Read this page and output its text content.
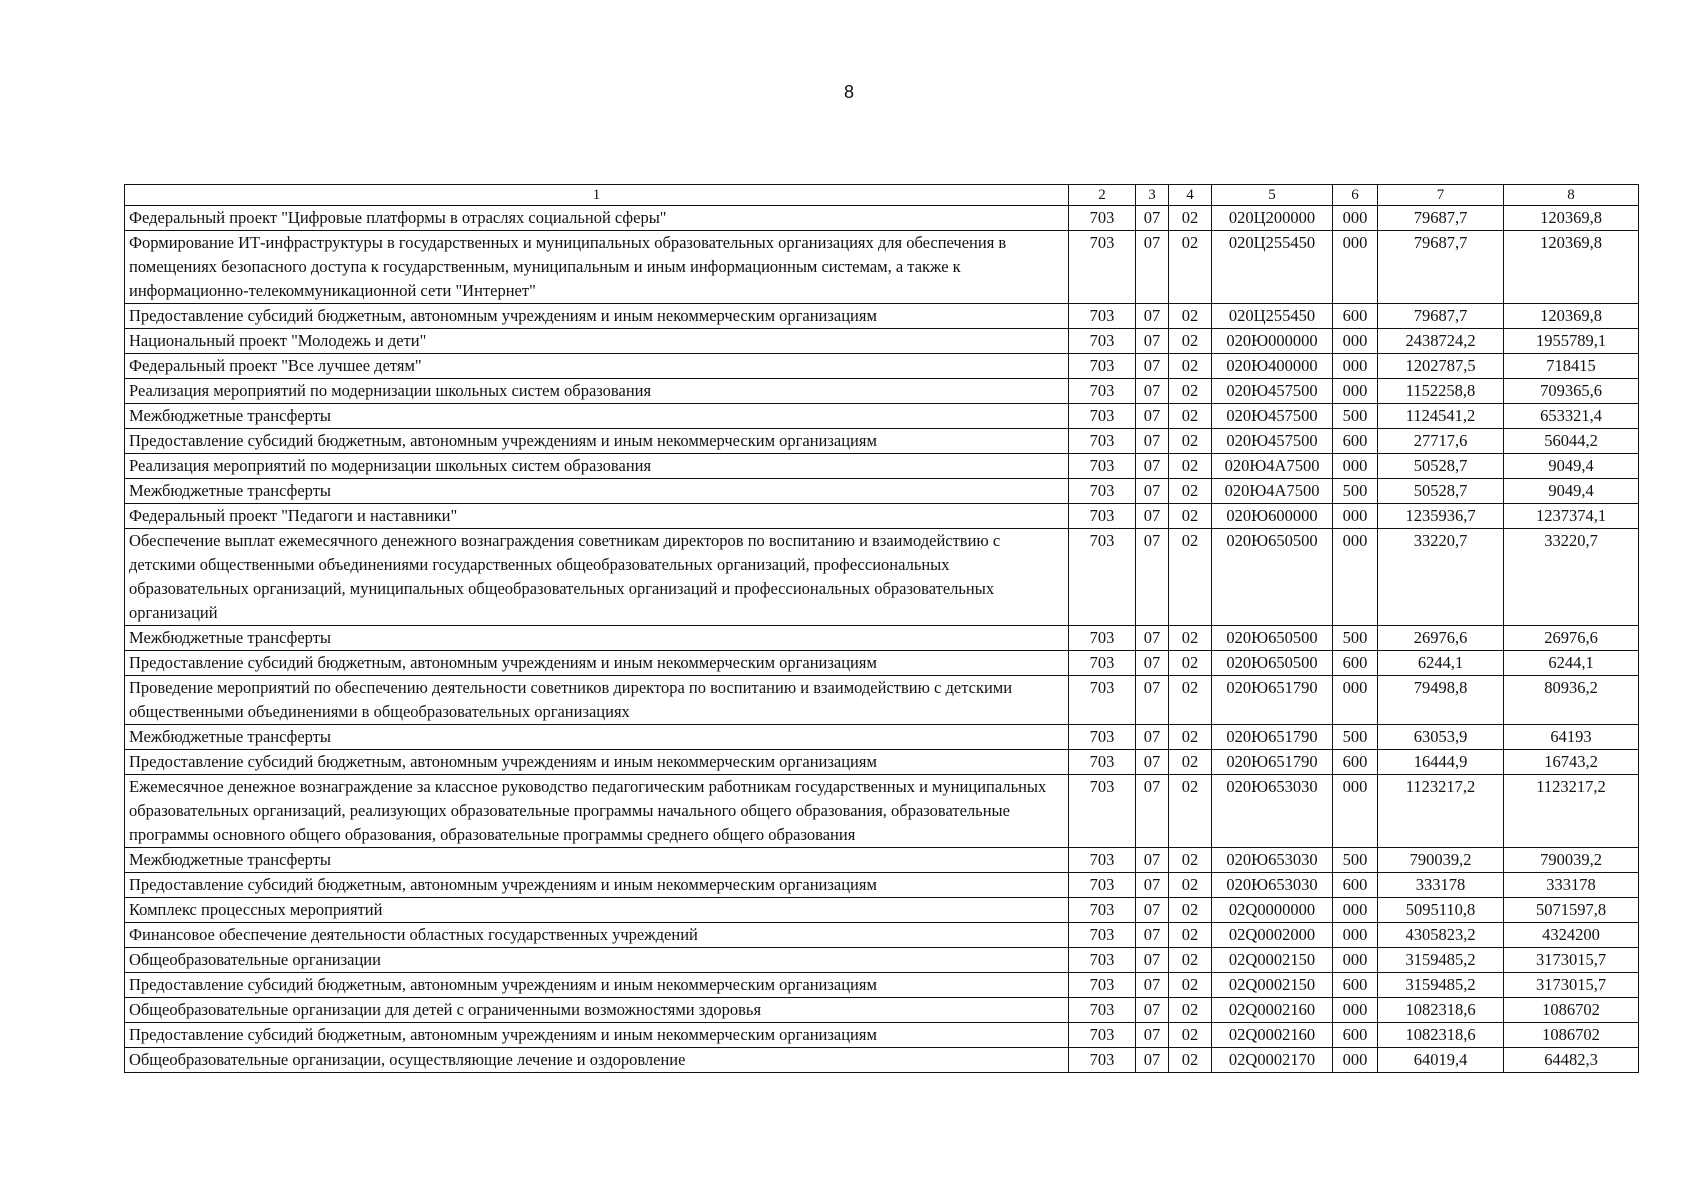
8
1	2	3	4	5	6	7	8
Федеральный проект "Цифровые платформы в отраслях социальной сферы"	703	07	02	020Ц200000	000	79687,7	120369,8
Формирование ИТ-инфраструктуры в государственных и муниципальных образовательных организациях для обеспечения в помещениях безопасного доступа к государственным, муниципальным и иным информационным системам, а также к информационно-телекоммуникационной сети "Интернет"	703	07	02	020Ц255450	000	79687,7	120369,8
Предоставление субсидий бюджетным, автономным учреждениям и иным некоммерческим организациям	703	07	02	020Ц255450	600	79687,7	120369,8
Национальный проект "Молодежь и дети"	703	07	02	020Ю000000	000	2438724,2	1955789,1
Федеральный проект "Все лучшее детям"	703	07	02	020Ю400000	000	1202787,5	718415
Реализация мероприятий по модернизации школьных систем образования	703	07	02	020Ю457500	000	1152258,8	709365,6
Межбюджетные трансферты	703	07	02	020Ю457500	500	1124541,2	653321,4
Предоставление субсидий бюджетным, автономным учреждениям и иным некоммерческим организациям	703	07	02	020Ю457500	600	27717,6	56044,2
Реализация мероприятий по модернизации школьных систем образования	703	07	02	020Ю4А7500	000	50528,7	9049,4
Межбюджетные трансферты	703	07	02	020Ю4А7500	500	50528,7	9049,4
Федеральный проект "Педагоги и наставники"	703	07	02	020Ю600000	000	1235936,7	1237374,1
Обеспечение выплат ежемесячного денежного вознаграждения советникам директоров по воспитанию и взаимодействию с детскими общественными объединениями государственных общеобразовательных организаций, профессиональных образовательных организаций, муниципальных общеобразовательных организаций и профессиональных образовательных организаций	703	07	02	020Ю650500	000	33220,7	33220,7
Межбюджетные трансферты	703	07	02	020Ю650500	500	26976,6	26976,6
Предоставление субсидий бюджетным, автономным учреждениям и иным некоммерческим организациям	703	07	02	020Ю650500	600	6244,1	6244,1
Проведение мероприятий по обеспечению деятельности советников директора по воспитанию и взаимодействию с детскими общественными объединениями в общеобразовательных организациях	703	07	02	020Ю651790	000	79498,8	80936,2
Межбюджетные трансферты	703	07	02	020Ю651790	500	63053,9	64193
Предоставление субсидий бюджетным, автономным учреждениям и иным некоммерческим организациям	703	07	02	020Ю651790	600	16444,9	16743,2
Ежемесячное денежное вознаграждение за классное руководство педагогическим работникам государственных и муниципальных образовательных организаций, реализующих образовательные программы начального общего образования, образовательные программы основного общего образования, образовательные программы среднего общего образования	703	07	02	020Ю653030	000	1123217,2	1123217,2
Межбюджетные трансферты	703	07	02	020Ю653030	500	790039,2	790039,2
Предоставление субсидий бюджетным, автономным учреждениям и иным некоммерческим организациям	703	07	02	020Ю653030	600	333178	333178
Комплекс процессных мероприятий	703	07	02	02Q0000000	000	5095110,8	5071597,8
Финансовое обеспечение деятельности областных государственных учреждений	703	07	02	02Q0002000	000	4305823,2	4324200
Общеобразовательные организации	703	07	02	02Q0002150	000	3159485,2	3173015,7
Предоставление субсидий бюджетным, автономным учреждениям и иным некоммерческим организациям	703	07	02	02Q0002150	600	3159485,2	3173015,7
Общеобразовательные организации для детей с ограниченными возможностями здоровья	703	07	02	02Q0002160	000	1082318,6	1086702
Предоставление субсидий бюджетным, автономным учреждениям и иным некоммерческим организациям	703	07	02	02Q0002160	600	1082318,6	1086702
Общеобразовательные организации, осуществляющие лечение и оздоровление	703	07	02	02Q0002170	000	64019,4	64482,3
